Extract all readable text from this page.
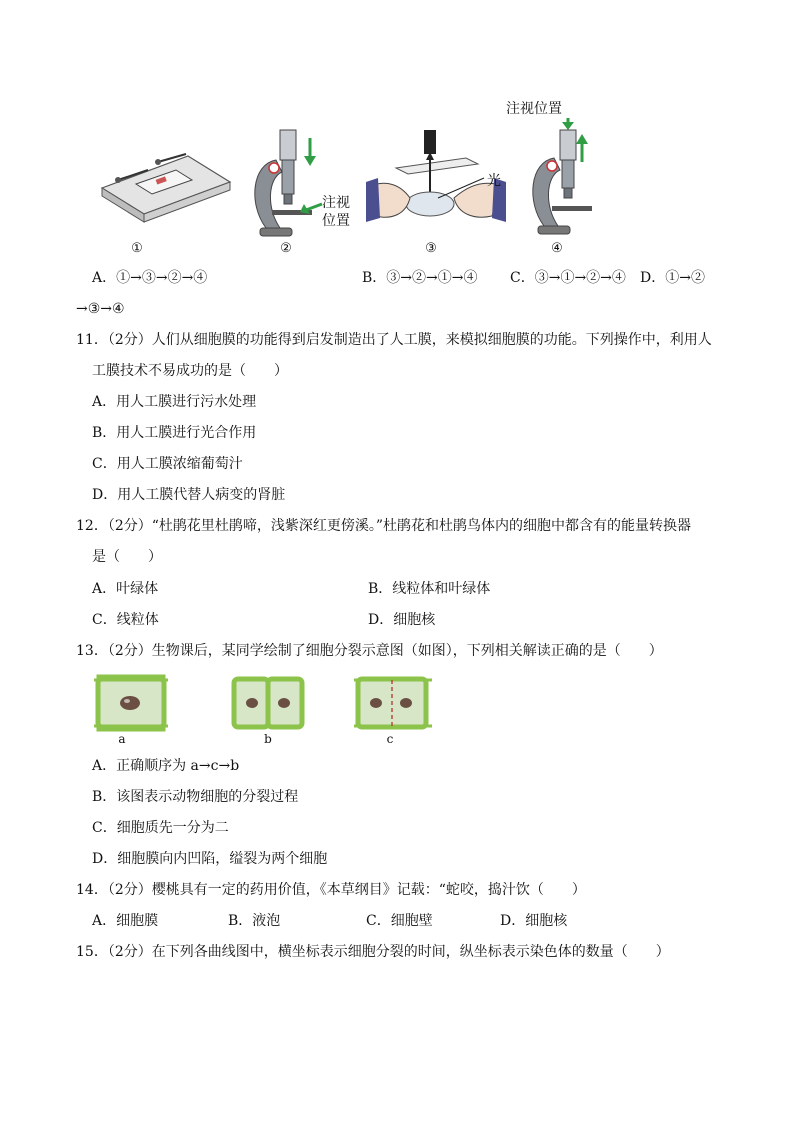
注视
位置
光
注视位置
①	②	③	④
A．①→③→②→④	B．③→②→①→④ C．③→①→②→④ D．①→②
→③→④
11．（2分）人们从细胞膜的功能得到启发制造出了人工膜，来模拟细胞膜的功能。下列操作中，利用人
工膜技术不易成功的是（　　）
A．用人工膜进行污水处理
B．用人工膜进行光合作用
C．用人工膜浓缩葡萄汁
D．用人工膜代替人病变的肾脏
12．（2分）“杜鹃花里杜鹃啼，浅紫深红更傍溪。”杜鹃花和杜鹃鸟体内的细胞中都含有的能量转换器
是（　　）
A．叶绿体	B．线粒体和叶绿体
C．线粒体	D．细胞核
13．（2分）生物课后，某同学绘制了细胞分裂示意图（如图），下列相关解读正确的是（　　）
a	b	c
A．正确顺序为 a→c→b
B．该图表示动物细胞的分裂过程
C．细胞质先一分为二
D．细胞膜向内凹陷，缢裂为两个细胞
14．（2分）樱桃具有一定的药用价值，《本草纲目》记载：“蛇咬，捣汁饮（　　）
A．细胞膜	B．液泡	C．细胞壁	D．细胞核
15．（2分）在下列各曲线图中，横坐标表示细胞分裂的时间，纵坐标表示染色体的数量（　　）
